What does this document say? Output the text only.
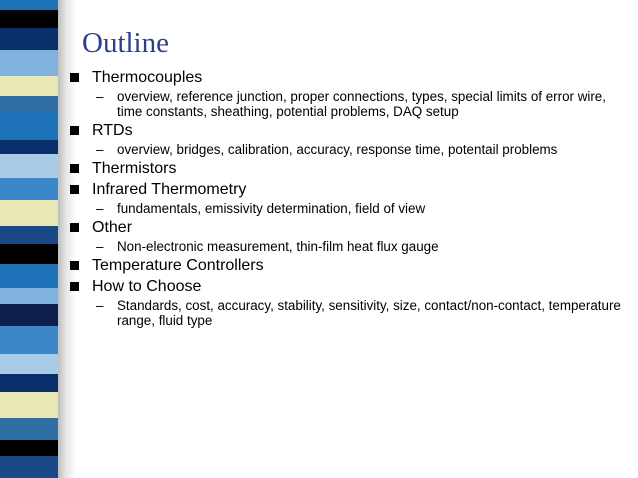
Outline
Thermocouples
– overview, reference junction, proper connections, types, special limits of error wire, time constants, sheathing, potential problems, DAQ setup
RTDs
– overview, bridges, calibration, accuracy, response time, potentail problems
Thermistors
Infrared Thermometry
– fundamentals, emissivity determination, field of view
Other
– Non-electronic measurement, thin-film heat flux gauge
Temperature Controllers
How to Choose
– Standards, cost, accuracy, stability, sensitivity, size, contact/non-contact, temperature range, fluid type
